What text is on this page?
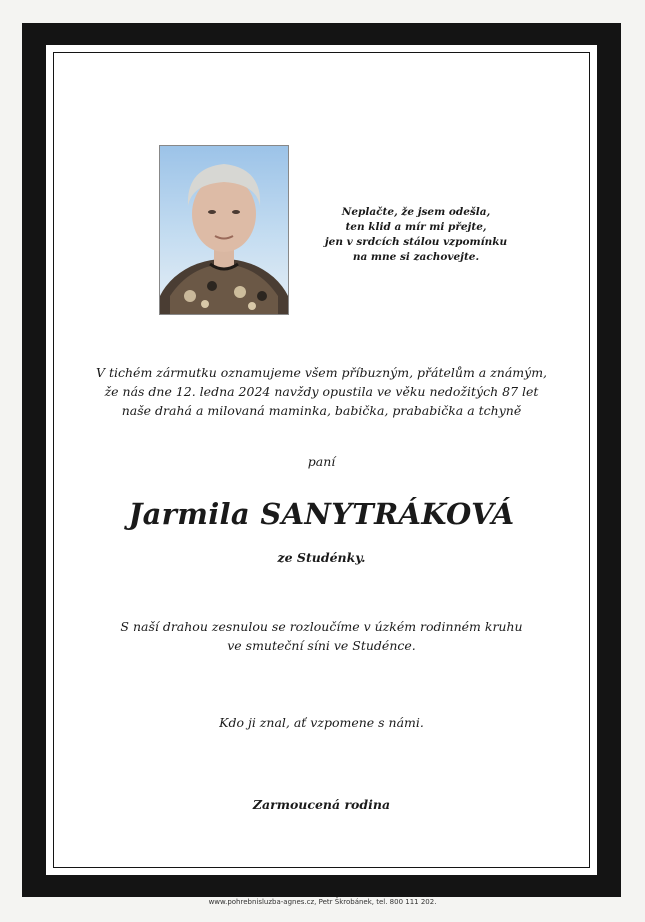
Neplačte, že jsem odešla,
ten klid a mír mi přejte,
jen v srdcích stálou vzpomínku
na mne si zachovejte.
V tichém zármutku oznamujeme všem příbuzným, přátelům a známým,
že nás dne 12. ledna 2024 navždy opustila ve věku nedožitých 87 let
naše drahá a milovaná maminka, babička, prababička a tchyně
paní
Jarmila SANYTRÁKOVÁ
ze Studénky.
S naší drahou zesnulou se rozloučíme v úzkém rodinném kruhu
ve smuteční síni ve Studénce.
Kdo ji znal, ať vzpomene s námi.
Zarmoucená rodina
www.pohrebnisluzba-agnes.cz, Petr Škrobánek, tel. 800 111 202.
